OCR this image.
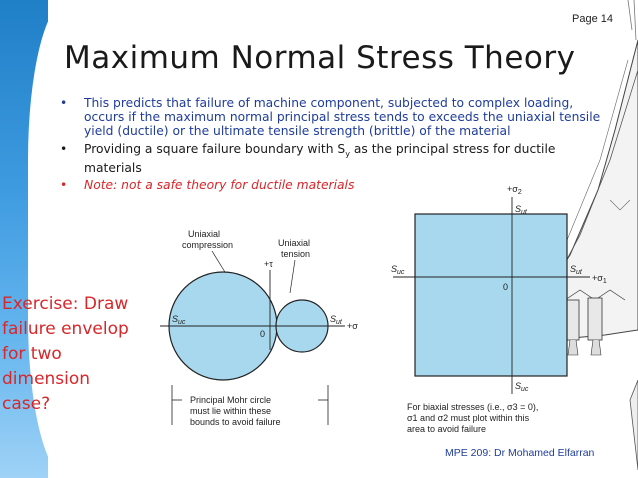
Page 14
Maximum Normal Stress Theory
• This predicts that failure of machine component, subjected to complex loading, occurs if the maximum normal principal stress tends to exceeds the uniaxial tensile yield (ductile) or the ultimate tensile strength (brittle) of the material
• Providing a square failure boundary with $S_y$ as the principal stress for ductile materials
• Note: not a safe theory for ductile materials
Exercise: Draw
failure envelop
for two
dimension
case?
Uniaxial
compression	Uniaxial
tension
+τ
+σ
0
$S_{uc}$	$S_{ut}$
Principal Mohr circle
must lie within these
bounds to avoid failure
$+\sigma_2$
$S_{ut}$
$S_{ut}$
$+\sigma_1$
$S_{uc}$
$S_{uc}$
0
For biaxial stresses (i.e., σ3 = 0),
σ1 and σ2 must plot within this
area to avoid failure
MPE 209: Dr Mohamed Elfarran
